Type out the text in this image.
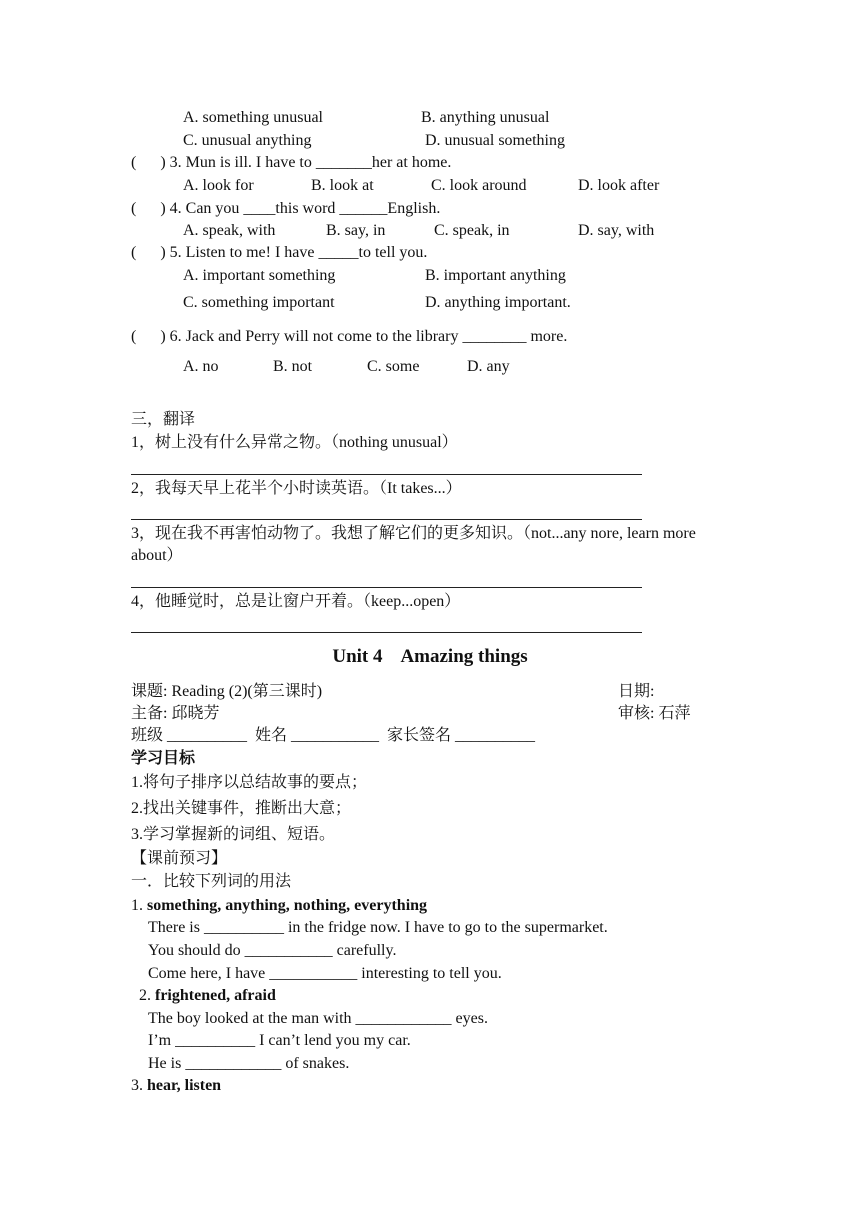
A. something unusual	B. anything unusual
C. unusual anything	D. unusual something
(      ) 3. Mun is ill. I have to _______her at home.
A. look for	B. look at	C. look around	D. look after
(      ) 4. Can you ____this word ______English.
A. speak, with	B. say, in	C. speak, in	D. say, with
(      ) 5. Listen to me! I have _____to tell you.
A. important something	B. important anything
C. something important	D. anything important.
(      ) 6. Jack and Perry will not come to the library ________ more.
A. no	B. not	C. some	D. any
三，翻译
1，树上没有什么异常之物。（nothing unusual）
2，我每天早上花半个小时读英语。（It takes...）
3，现在我不再害怕动物了。我想了解它们的更多知识。（not...any nore, learn more
about）
4，他睡觉时，总是让窗户开着。（keep...open）
Unit 4    Amazing things
课题: Reading (2)(第三课时)	日期:
主备: 邱晓芳	审核: 石萍
班级 __________  姓名 ___________  家长签名 __________
学习目标
1.将句子排序以总结故事的要点；
2.找出关键事件，推断出大意；
3.学习掌握新的词组、短语。
【课前预习】
一．比较下列词的用法
1. something, anything, nothing, everything
There is __________ in the fridge now. I have to go to the supermarket.
You should do ___________ carefully.
Come here, I have ___________ interesting to tell you.
2. frightened, afraid
The boy looked at the man with ____________ eyes.
I’m __________ I can’t lend you my car.
He is ____________ of snakes.
3. hear, listen
